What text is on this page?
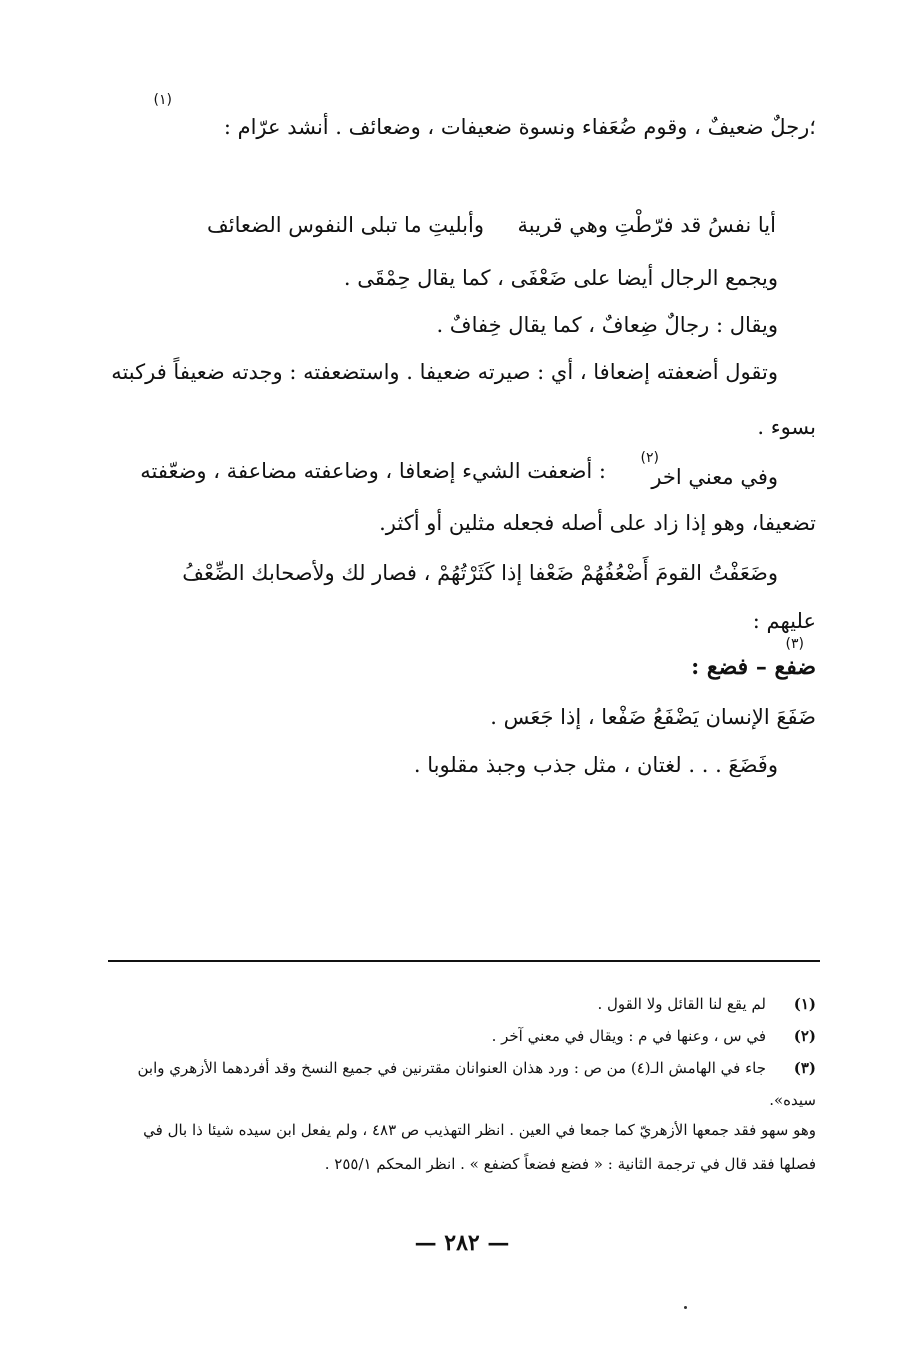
(١)
؛رجلٌ ضعيفٌ ، وقوم ضُعَفاء ونسوة ضعيفات ، وضعائف . أنشد عرّام :
أيا نفسُ قد فرّطْتِ وهي قريبة
وأبليتِ ما تبلى النفوس الضعائف
ويجمع الرجال أيضا على ضَعْفَى ، كما يقال حِمْقَى .
ويقال : رجالٌ ضِعافٌ ، كما يقال خِفافٌ .
وتقول أضعفته إضعافا ، أي : صيرته ضعيفا . واستضعفته : وجدته ضعيفاً فركبته
بسوء .
وفي معني اخر
(٢)
: أضعفت الشيء إضعافا ، وضاعفته مضاعفة ، وضعّفته
تضعيفا، وهو إذا زاد على أصله فجعله مثلين أو أكثر.
وضَعَفْتُ القومَ أَضْعُفُهُمْ ضَعْفا إذا كَثَرْتُهُمْ ، فصار لك ولأصحابك الضِّعْفُ
عليهم :
(٣)
ضفع – فضع :
ضَفَعَ الإنسان يَضْفَعُ ضَفْعا ، إذا جَعَس .
وفَضَعَ . . . لغتان ، مثل جذب وجبذ مقلوبا .
(١)
لم يقع لنا القائل ولا القول .
(٢)
في س ، وعنها في م : ويقال في معني آخر .
(٣)
جاء في الهامش الـ(٤) من ص : ورد هذان العنوانان مقترنين في جميع النسخ وقد أفردهما الأزهري وابن
سيده».
وهو سهو فقد جمعها الأزهريّ كما جمعا في العين . انظر التهذيب ص ٤٨٣ ، ولم يفعل ابن سيده شيئا ذا بال في
فصلها فقد قال في ترجمة الثانية : « فضع فضعاً كضفع » . انظر المحكم ٢٥٥/١ .
— ٢٨٢ —
